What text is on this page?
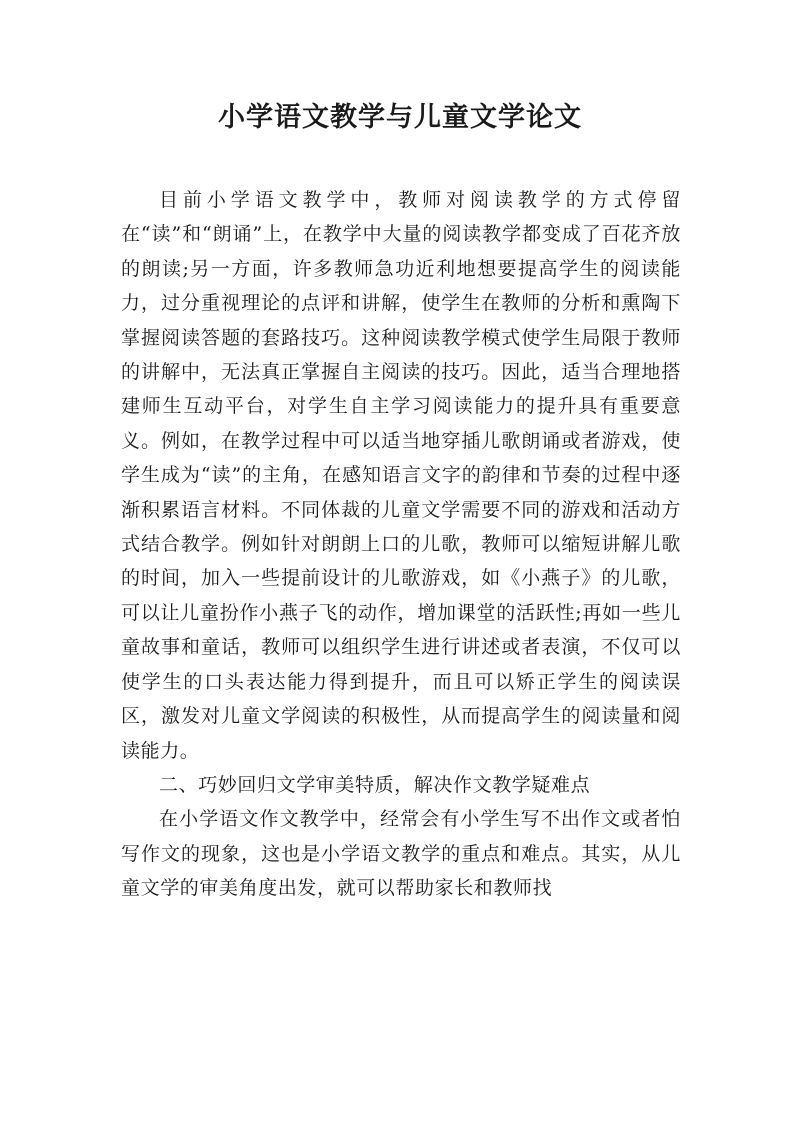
小学语文教学与儿童文学论文

目前小学语文教学中，教师对阅读教学的方式停留在“读”和“朗诵”上，在教学中大量的阅读教学都变成了百花齐放的朗读;另一方面，许多教师急功近利地想要提高学生的阅读能力，过分重视理论的点评和讲解，使学生在教师的分析和熏陶下掌握阅读答题的套路技巧。这种阅读教学模式使学生局限于教师的讲解中，无法真正掌握自主阅读的技巧。因此，适当合理地搭建师生互动平台，对学生自主学习阅读能力的提升具有重要意义。例如，在教学过程中可以适当地穿插儿歌朗诵或者游戏，使学生成为“读”的主角，在感知语言文字的韵律和节奏的过程中逐渐积累语言材料。不同体裁的儿童文学需要不同的游戏和活动方式结合教学。例如针对朗朗上口的儿歌，教师可以缩短讲解儿歌的时间，加入一些提前设计的儿歌游戏，如《小燕子》的儿歌，可以让儿童扮作小燕子飞的动作，增加课堂的活跃性;再如一些儿童故事和童话，教师可以组织学生进行讲述或者表演，不仅可以使学生的口头表达能力得到提升，而且可以矫正学生的阅读误区，激发对儿童文学阅读的积极性，从而提高学生的阅读量和阅读能力。

二、巧妙回归文学审美特质，解决作文教学疑难点

在小学语文作文教学中，经常会有小学生写不出作文或者怕写作文的现象，这也是小学语文教学的重点和难点。其实，从儿童文学的审美角度出发，就可以帮助家长和教师找
